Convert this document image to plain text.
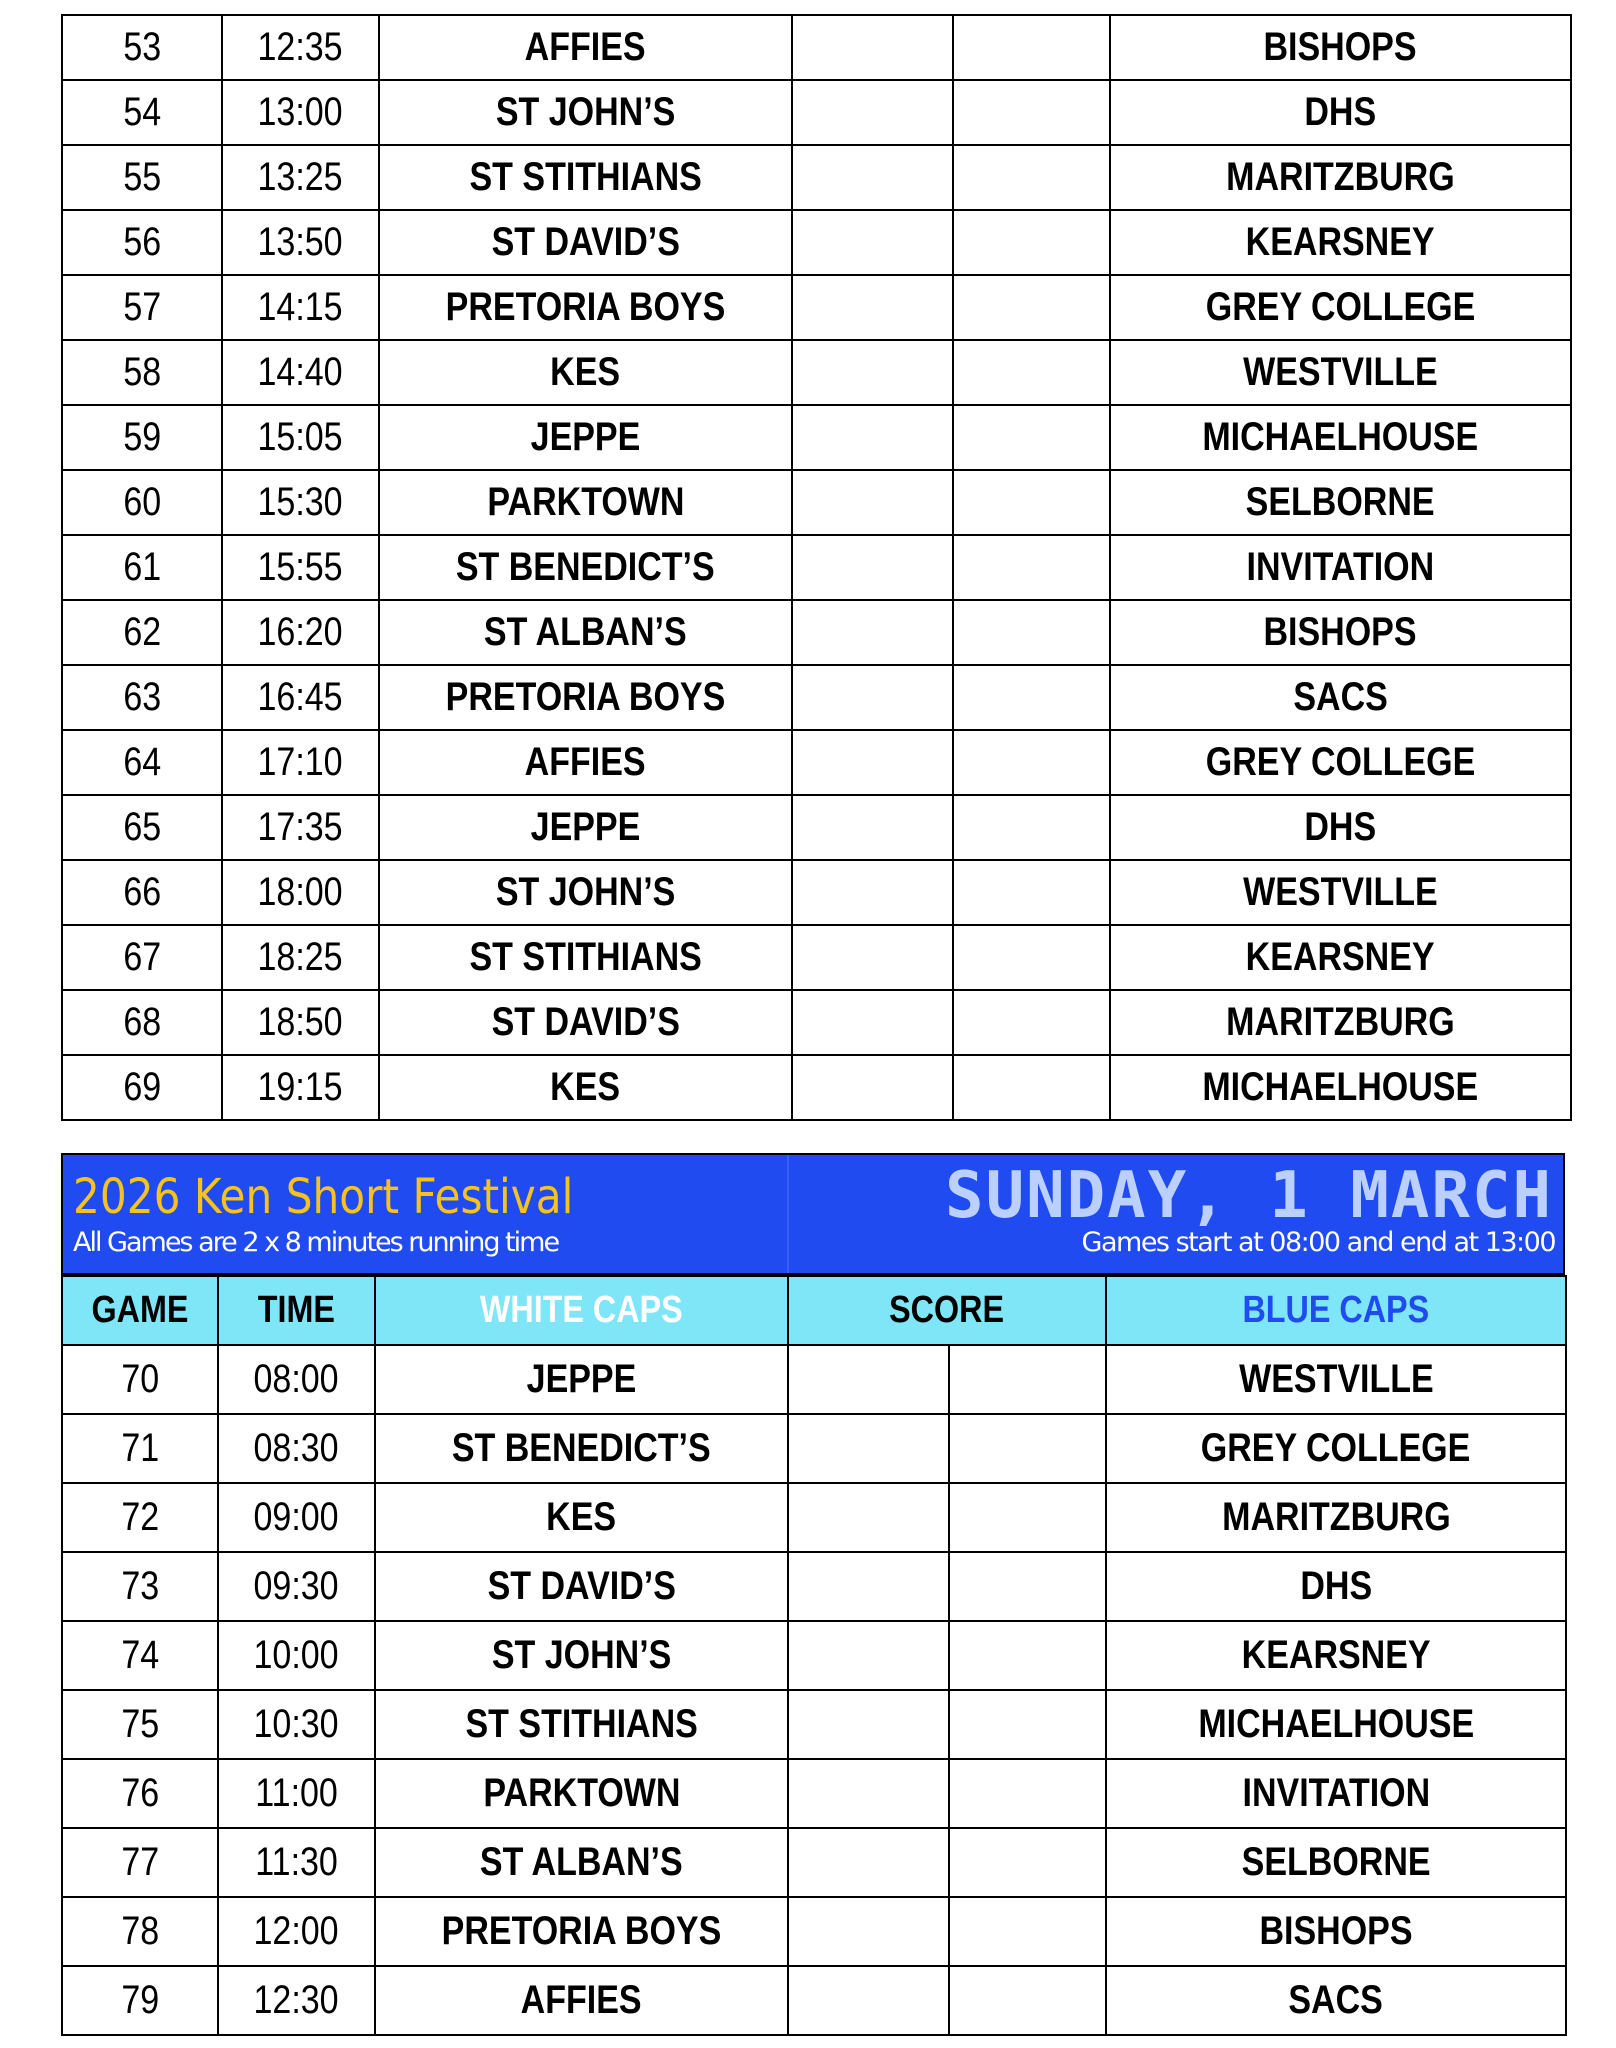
53	12:35	AFFIES			BISHOPS
54	13:00	ST JOHN’S			DHS
55	13:25	ST STITHIANS			MARITZBURG
56	13:50	ST DAVID’S			KEARSNEY
57	14:15	PRETORIA BOYS			GREY COLLEGE
58	14:40	KES			WESTVILLE
59	15:05	JEPPE			MICHAELHOUSE
60	15:30	PARKTOWN			SELBORNE
61	15:55	ST BENEDICT’S			INVITATION
62	16:20	ST ALBAN’S			BISHOPS
63	16:45	PRETORIA BOYS			SACS
64	17:10	AFFIES			GREY COLLEGE
65	17:35	JEPPE			DHS
66	18:00	ST JOHN’S			WESTVILLE
67	18:25	ST STITHIANS			KEARSNEY
68	18:50	ST DAVID’S			MARITZBURG
69	19:15	KES			MICHAELHOUSE
2026 Ken Short Festival
All Games are 2 x 8 minutes running time
SUNDAY, 1 MARCH
Games start at 08:00 and end at 13:00
GAME	TIME	WHITE CAPS	SCORE		BLUE CAPS
70	08:00	JEPPE			WESTVILLE
71	08:30	ST BENEDICT’S			GREY COLLEGE
72	09:00	KES			MARITZBURG
73	09:30	ST DAVID’S			DHS
74	10:00	ST JOHN’S			KEARSNEY
75	10:30	ST STITHIANS			MICHAELHOUSE
76	11:00	PARKTOWN			INVITATION
77	11:30	ST ALBAN’S			SELBORNE
78	12:00	PRETORIA BOYS			BISHOPS
79	12:30	AFFIES			SACS
